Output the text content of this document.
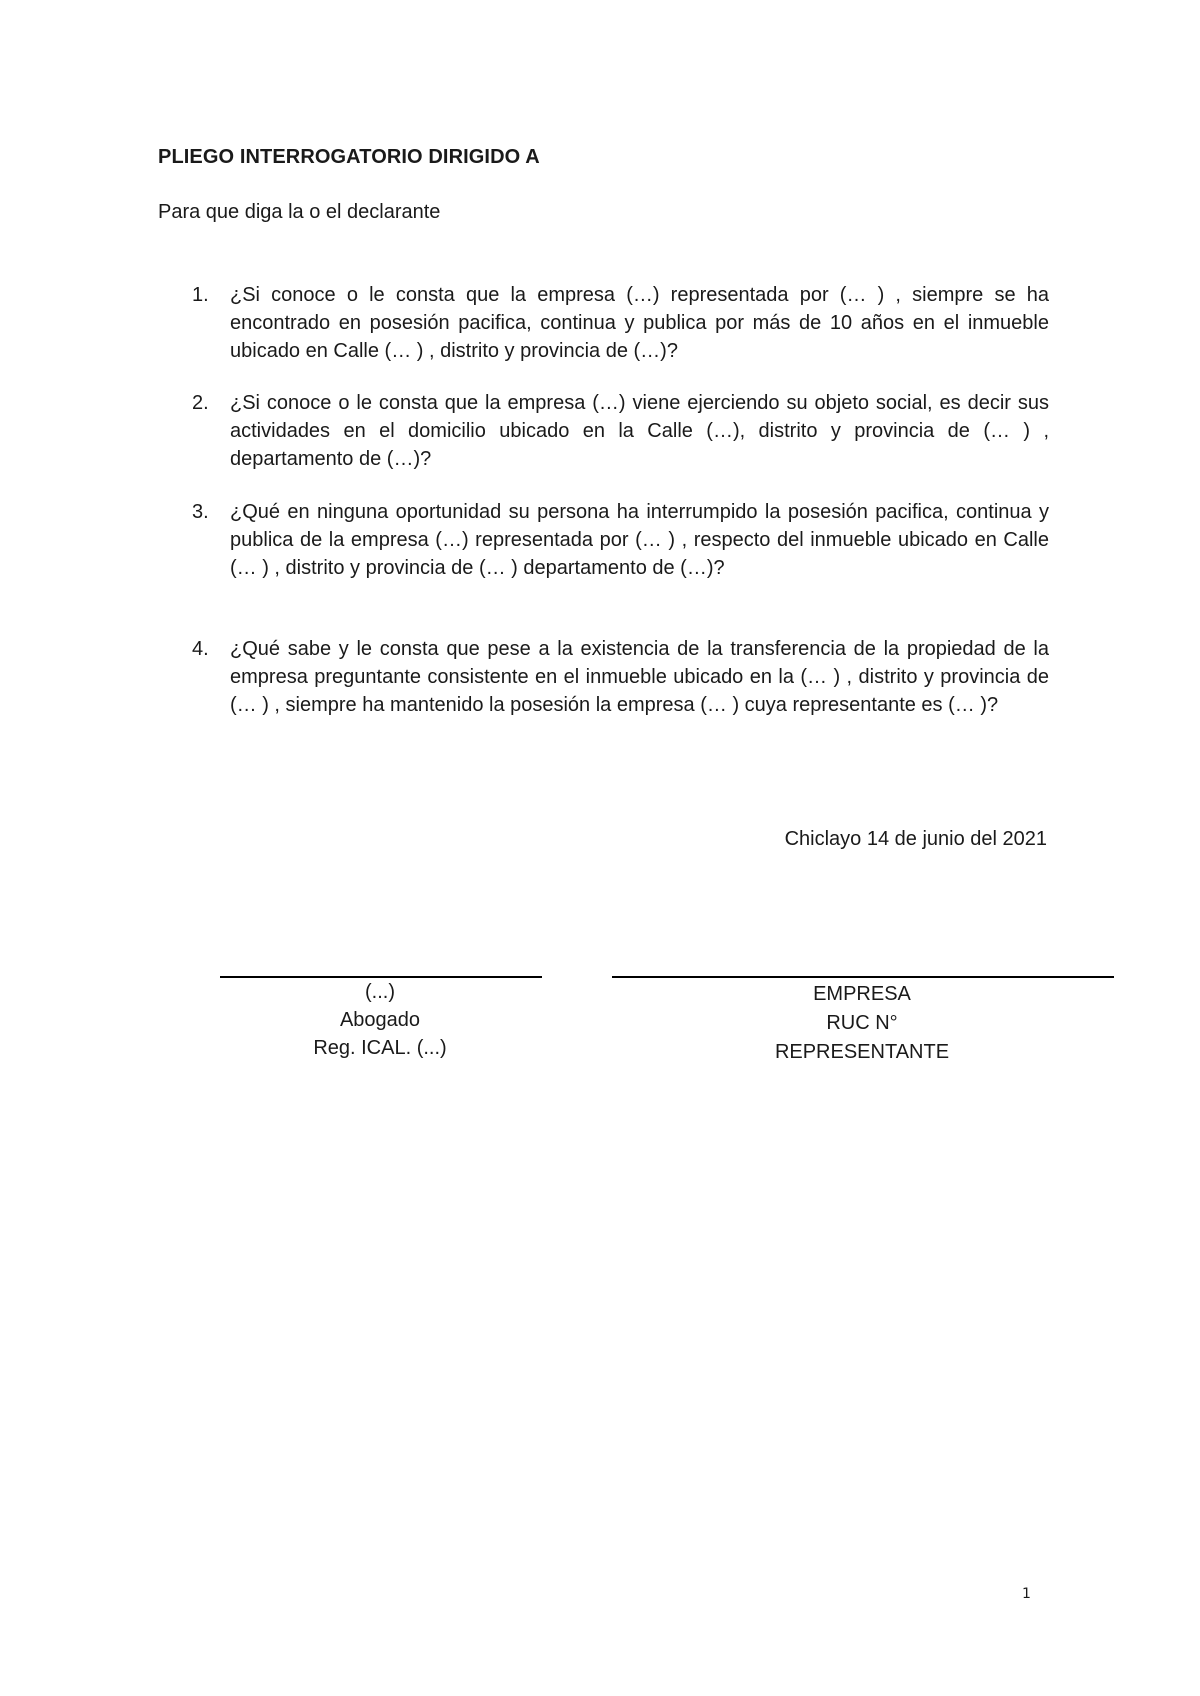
PLIEGO INTERROGATORIO DIRIGIDO A

Para que diga la o el declarante

1. ¿Si conoce o le consta que la empresa (…) representada por (… ) , siempre se ha encontrado en posesión pacifica, continua y publica por más de 10 años en el inmueble ubicado en Calle (… ) , distrito y provincia de (…)?
2. ¿Si conoce o le consta que la empresa (…) viene ejerciendo su objeto social, es decir sus actividades en el domicilio ubicado en la Calle (…), distrito y provincia de (… ) , departamento de (…)?
3. ¿Qué en ninguna oportunidad su persona ha interrumpido la posesión pacifica, continua y publica de la empresa (…) representada por (… ) , respecto del inmueble ubicado en Calle (… ) , distrito y provincia de (… ) departamento de (…)?
4. ¿Qué sabe y le consta que pese a la existencia de la transferencia de la propiedad de la empresa preguntante consistente en el inmueble ubicado en la (… ) , distrito y provincia de (… ) , siempre ha mantenido la posesión la empresa (… ) cuya representante es (… )?

Chiclayo 14 de junio del 2021

(...)
Abogado
Reg. ICAL. (...)
EMPRESA
RUC N°
REPRESENTANTE
1
